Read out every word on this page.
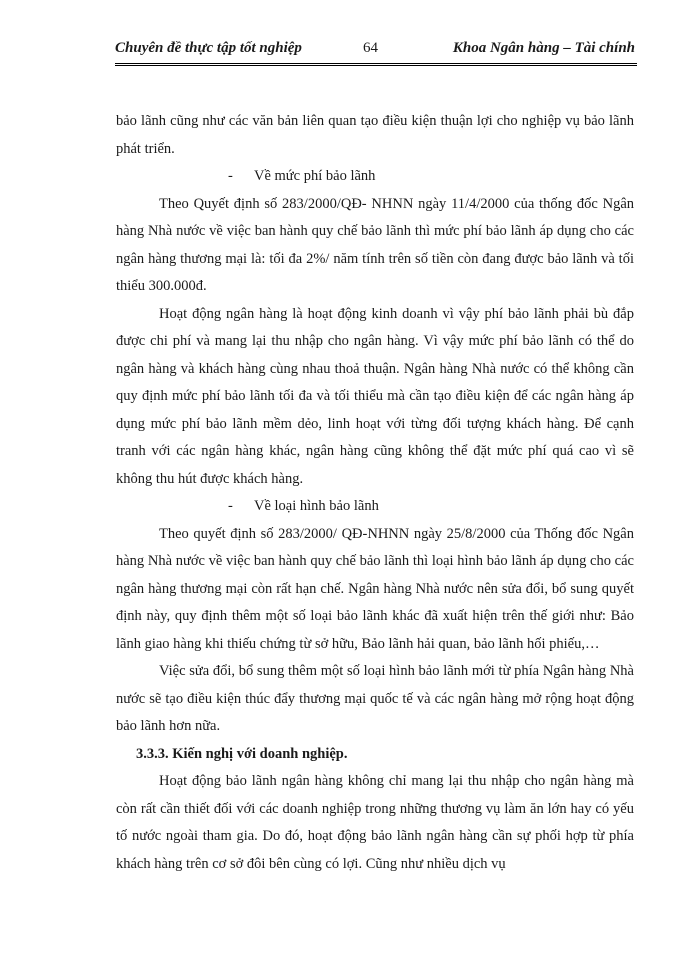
Chuyên đề thực tập tốt nghiệp	64	Khoa Ngân hàng – Tài chính

bảo lãnh cũng như các văn bản liên quan tạo điều kiện thuận lợi cho nghiệp vụ bảo lãnh phát triển.

- Về mức phí bảo lãnh

Theo Quyết định số 283/2000/QĐ- NHNN ngày 11/4/2000 của thống đốc Ngân hàng Nhà nước về việc ban hành quy chế bảo lãnh thì mức phí bảo lãnh áp dụng cho các ngân hàng thương mại là: tối đa 2%/ năm tính trên số tiền còn đang được bảo lãnh và tối thiểu 300.000đ.

Hoạt động ngân hàng là hoạt động kinh doanh vì vậy phí bảo lãnh phải bù đắp được chi phí và mang lại thu nhập cho ngân hàng. Vì vậy mức phí bảo lãnh có thể do ngân hàng và khách hàng cùng nhau thoả thuận. Ngân hàng Nhà nước có thể không cần quy định mức phí bảo lãnh tối đa và tối thiểu mà cần tạo điều kiện để các ngân hàng áp dụng mức phí bảo lãnh mềm dẻo, linh hoạt với từng đối tượng khách hàng. Để cạnh tranh với các ngân hàng khác, ngân hàng cũng không thể đặt mức phí quá cao vì sẽ không thu hút được khách hàng.

- Về loại hình bảo lãnh

Theo quyết định số 283/2000/ QĐ-NHNN ngày 25/8/2000 của Thống đốc Ngân hàng Nhà nước về việc ban hành quy chế bảo lãnh thì loại hình bảo lãnh áp dụng cho các ngân hàng thương mại còn rất hạn chế. Ngân hàng Nhà nước nên sửa đổi, bổ sung quyết định này, quy định thêm một số loại bảo lãnh khác đã xuất hiện trên thế giới như: Bảo lãnh giao hàng khi thiếu chứng từ sở hữu, Bảo lãnh hải quan, bảo lãnh hối phiếu,…

Việc sửa đổi, bổ sung thêm một số loại hình bảo lãnh mới từ phía Ngân hàng Nhà nước sẽ tạo điều kiện thúc đẩy thương mại quốc tế và các ngân hàng mở rộng hoạt động bảo lãnh hơn nữa.

3.3.3. Kiến nghị với doanh nghiệp.

Hoạt động bảo lãnh ngân hàng không chỉ mang lại thu nhập cho ngân hàng mà còn rất cần thiết đối với các doanh nghiệp trong những thương vụ làm ăn lớn hay có yếu tố nước ngoài tham gia. Do đó, hoạt động bảo lãnh ngân hàng cần sự phối hợp từ phía khách hàng trên cơ sở đôi bên cùng có lợi. Cũng như nhiều dịch vụ
